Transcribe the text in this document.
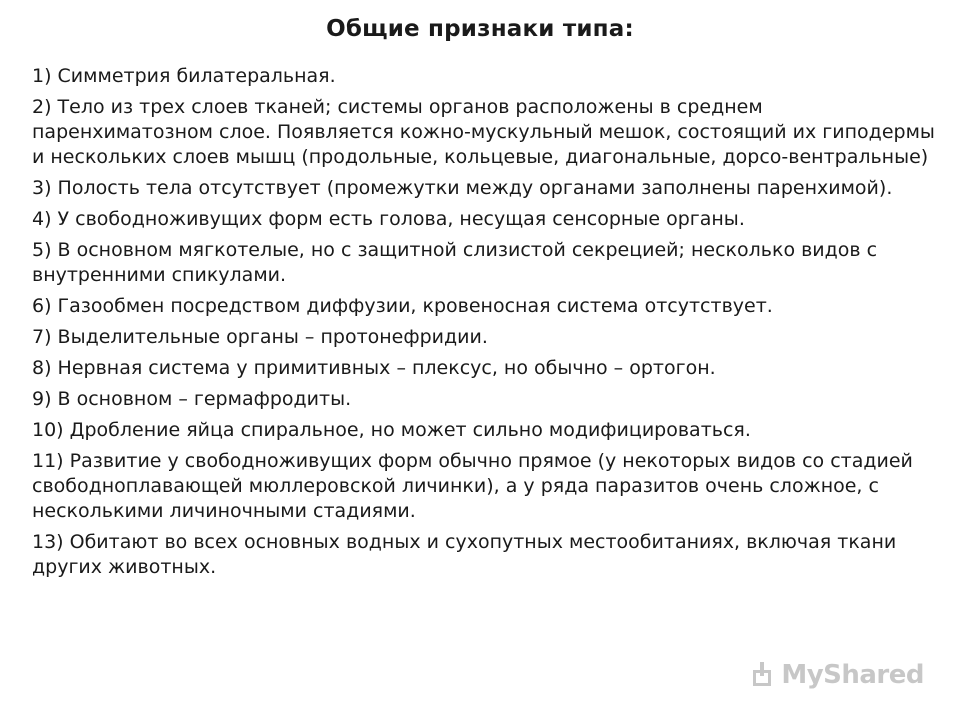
Общие признаки типа:
1) Симметрия билатеральная.
2) Тело из трех слоев тканей; системы органов расположены в среднем паренхиматозном слое. Появляется кожно-мускульный мешок, состоящий их гиподермы и нескольких слоев мышц (продольные, кольцевые, диагональные, дорсо-вентральные)
3) Полость тела отсутствует (промежутки между органами заполнены паренхимой).
4) У свободноживущих форм есть голова, несущая сенсорные органы.
5) В основном мягкотелые, но с защитной слизистой секрецией; несколько видов с внутренними спикулами.
6) Газообмен посредством диффузии, кровеносная система отсутствует.
7) Выделительные органы – протонефридии.
8) Нервная система у примитивных – плексус, но обычно – ортогон.
9) В основном – гермафродиты.
10) Дробление яйца спиральное, но может сильно модифицироваться.
11) Развитие у свободноживущих форм обычно прямое (у некоторых видов со стадией свободноплавающей мюллеровской личинки), а у ряда паразитов очень сложное, с несколькими личиночными стадиями.
13) Обитают во всех основных водных и сухопутных местообитаниях, включая ткани других животных.
MyShared
